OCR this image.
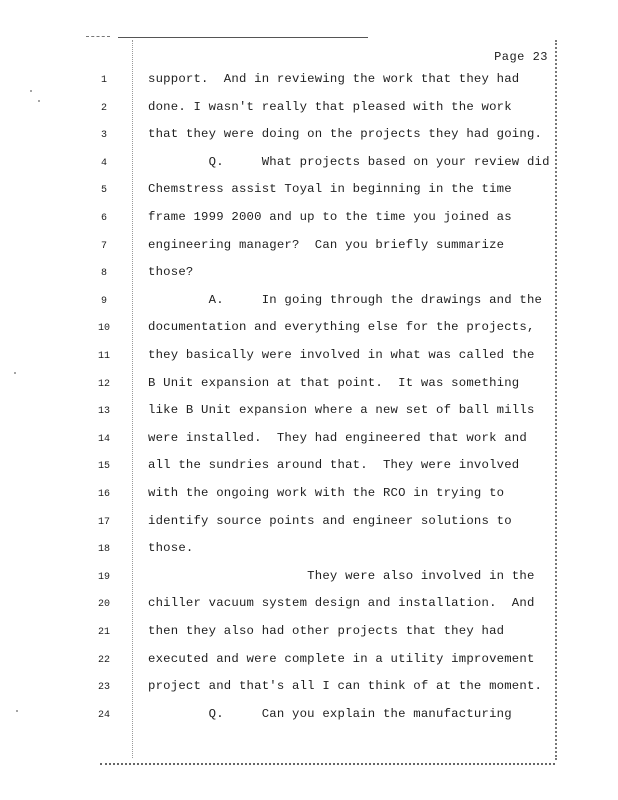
Page 23
1	support.  And in reviewing the work that they had
2	done. I wasn't really that pleased with the work
3	that they were doing on the projects they had going.
4	Q.     What projects based on your review did
5	Chemstress assist Toyal in beginning in the time
6	frame 1999 2000 and up to the time you joined as
7	engineering manager?  Can you briefly summarize
8	those?
9	A.     In going through the drawings and the
10	documentation and everything else for the projects,
11	they basically were involved in what was called the
12	B Unit expansion at that point.  It was something
13	like B Unit expansion where a new set of ball mills
14	were installed.  They had engineered that work and
15	all the sundries around that.  They were involved
16	with the ongoing work with the RCO in trying to
17	identify source points and engineer solutions to
18	those.
19	They were also involved in the
20	chiller vacuum system design and installation.  And
21	then they also had other projects that they had
22	executed and were complete in a utility improvement
23	project and that's all I can think of at the moment.
24	Q.     Can you explain the manufacturing
